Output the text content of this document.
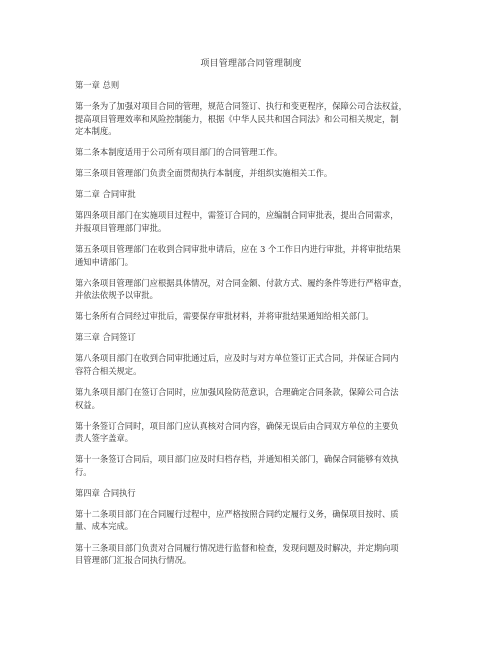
项目管理部合同管理制度
第一章 总则
第一条为了加强对项目合同的管理，规范合同签订、执行和变更程序，保障公司合法权益，
提高项目管理效率和风险控制能力，根据《中华人民共和国合同法》和公司相关规定，制
定本制度。
第二条本制度适用于公司所有项目部门的合同管理工作。
第三条项目管理部门负责全面贯彻执行本制度，并组织实施相关工作。
第二章 合同审批
第四条项目部门在实施项目过程中，需签订合同的，应编制合同审批表，提出合同需求，
并报项目管理部门审批。
第五条项目管理部门在收到合同审批申请后，应在 3 个工作日内进行审批，并将审批结果
通知申请部门。
第六条项目管理部门应根据具体情况，对合同金额、付款方式、履约条件等进行严格审查，
并依法依规予以审批。
第七条所有合同经过审批后，需要保存审批材料，并将审批结果通知给相关部门。
第三章 合同签订
第八条项目部门在收到合同审批通过后，应及时与对方单位签订正式合同，并保证合同内
容符合相关规定。
第九条项目部门在签订合同时，应加强风险防范意识，合理确定合同条款，保障公司合法
权益。
第十条签订合同时，项目部门应认真核对合同内容，确保无误后由合同双方单位的主要负
责人签字盖章。
第十一条签订合同后，项目部门应及时归档存档，并通知相关部门，确保合同能够有效执
行。
第四章 合同执行
第十二条项目部门在合同履行过程中，应严格按照合同约定履行义务，确保项目按时、质
量、成本完成。
第十三条项目部门负责对合同履行情况进行监督和检查，发现问题及时解决，并定期向项
目管理部门汇报合同执行情况。
